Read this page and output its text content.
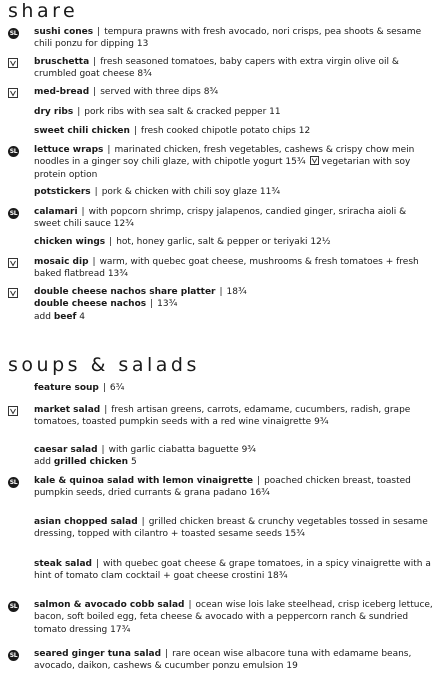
share
SL sushi cones | tempura prawns with fresh avocado, nori crisps, pea shoots & sesame chili ponzu for dipping 13
bruschetta | fresh seasoned tomatoes, baby capers with extra virgin olive oil & crumbled goat cheese 8¾
med-bread | served with three dips 8¾
dry ribs | pork ribs with sea salt & cracked pepper 11
sweet chili chicken | fresh cooked chipotle potato chips 12
SL lettuce wraps | marinated chicken, fresh vegetables, cashews & crispy chow mein noodles in a ginger soy chili glaze, with chipotle yogurt 15¾ vegetarian with soy protein option
potstickers | pork & chicken with chili soy glaze 11¾
SL calamari | with popcorn shrimp, crispy jalapenos, candied ginger, sriracha aioli & sweet chili sauce 12¾
chicken wings | hot, honey garlic, salt & pepper or teriyaki 12½
mosaic dip | warm, with quebec goat cheese, mushrooms & fresh tomatoes + fresh baked flatbread 13¾
double cheese nachos share platter | 18¾
double cheese nachos | 13¾
add beef 4
soups & salads
feature soup | 6¾
market salad | fresh artisan greens, carrots, edamame, cucumbers, radish, grape tomatoes, toasted pumpkin seeds with a red wine vinaigrette 9¾
caesar salad | with garlic ciabatta baguette 9¾
add grilled chicken 5
SL kale & quinoa salad with lemon vinaigrette | poached chicken breast, toasted pumpkin seeds, dried currants & grana padano 16¾
asian chopped salad | grilled chicken breast & crunchy vegetables tossed in sesame dressing, topped with cilantro + toasted sesame seeds 15¾
steak salad | with quebec goat cheese & grape tomatoes, in a spicy vinaigrette with a hint of tomato clam cocktail + goat cheese crostini 18¾
SL salmon & avocado cobb salad | ocean wise lois lake steelhead, crisp iceberg lettuce, bacon, soft boiled egg, feta cheese & avocado with a peppercorn ranch & sundried tomato dressing 17¾
SL seared ginger tuna salad | rare ocean wise albacore tuna with edamame beans, avocado, daikon, cashews & cucumber ponzu emulsion 19
